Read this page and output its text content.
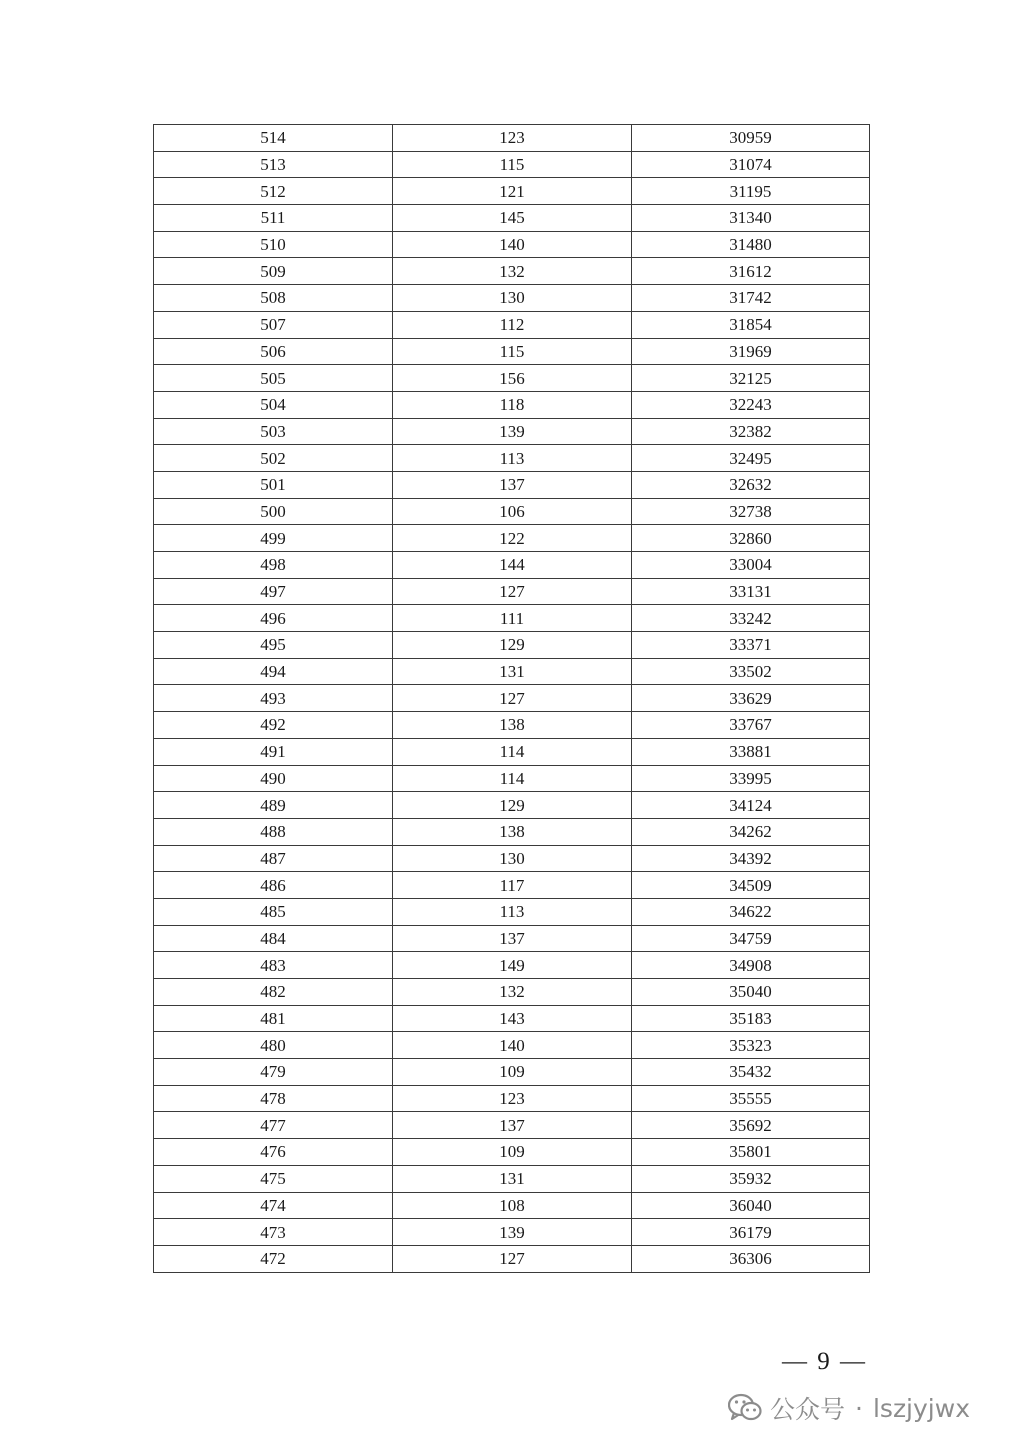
514	123	30959
513	115	31074
512	121	31195
511	145	31340
510	140	31480
509	132	31612
508	130	31742
507	112	31854
506	115	31969
505	156	32125
504	118	32243
503	139	32382
502	113	32495
501	137	32632
500	106	32738
499	122	32860
498	144	33004
497	127	33131
496	111	33242
495	129	33371
494	131	33502
493	127	33629
492	138	33767
491	114	33881
490	114	33995
489	129	34124
488	138	34262
487	130	34392
486	117	34509
485	113	34622
484	137	34759
483	149	34908
482	132	35040
481	143	35183
480	140	35323
479	109	35432
478	123	35555
477	137	35692
476	109	35801
475	131	35932
474	108	36040
473	139	36179
472	127	36306
— 9 —
公众号 · lszjyjwx
